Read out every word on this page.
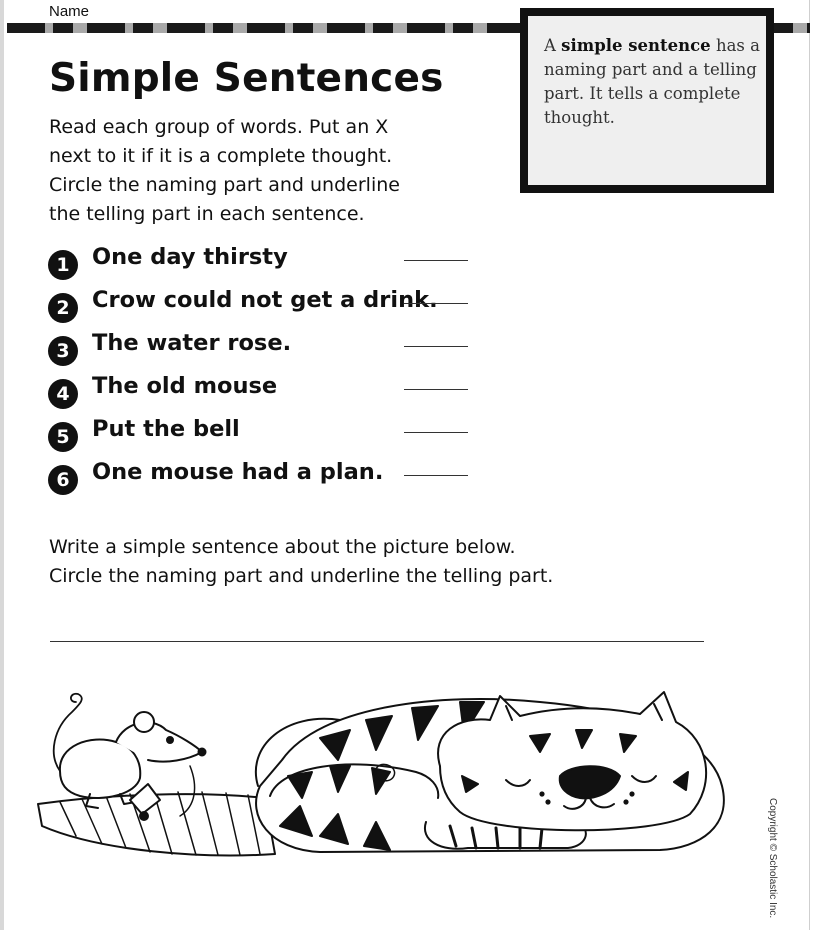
Name
A simple sentence has a naming part and a telling part. It tells a complete thought.
Simple Sentences

Read each group of words. Put an X next to it if it is a complete thought. Circle the naming part and underline the telling part in each sentence.

1 One day thirsty
2 Crow could not get a drink.
3 The water rose.
4 The old mouse
5 Put the bell
6 One mouse had a plan.

Write a simple sentence about the picture below.
Circle the naming part and underline the telling part.

Copyright © Scholastic Inc.
